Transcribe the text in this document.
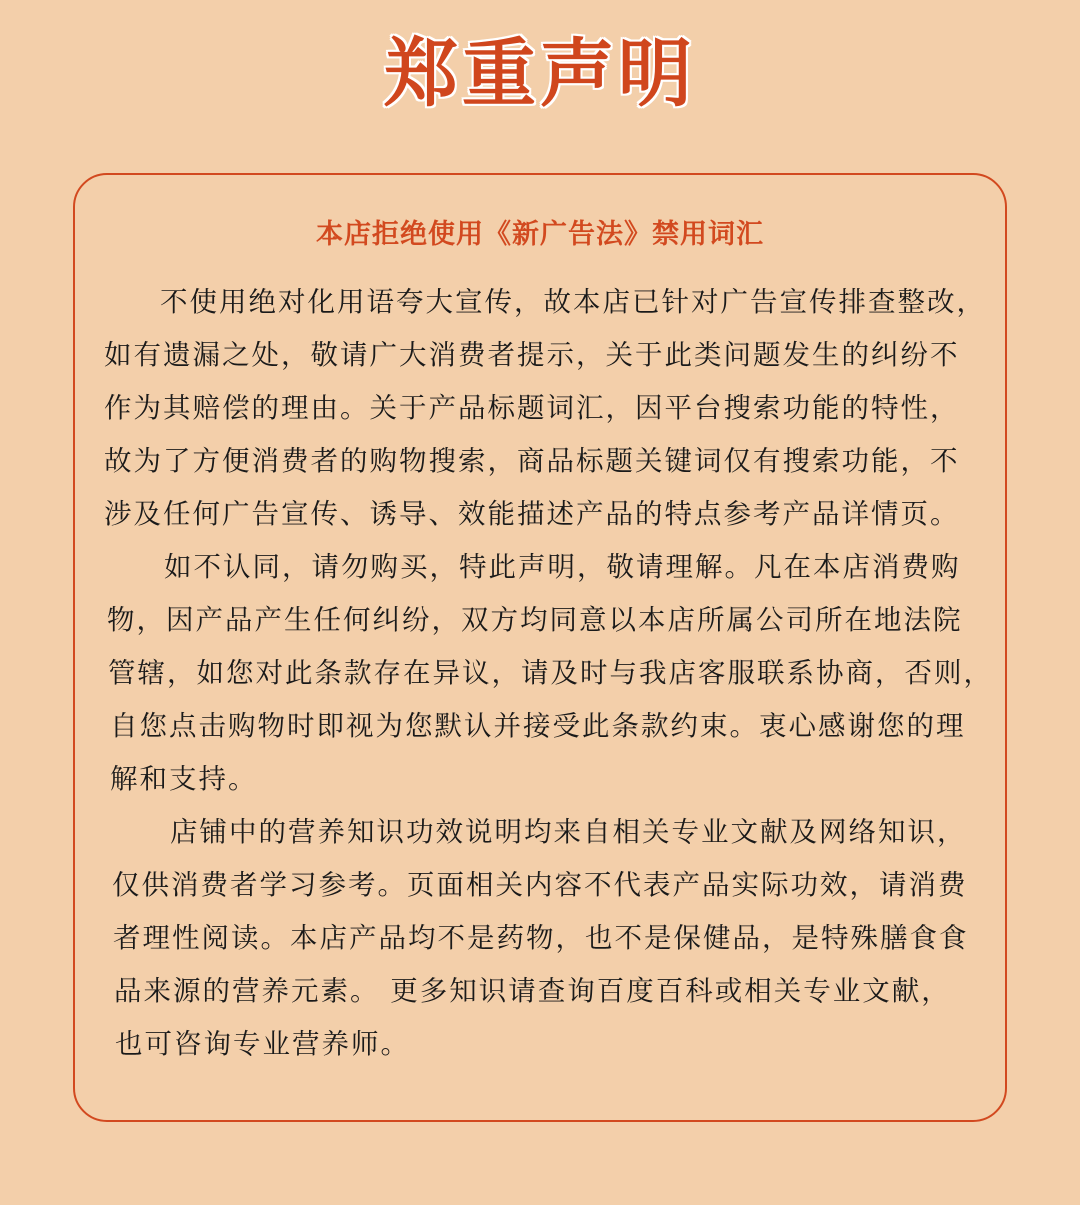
郑重声明
本店拒绝使用《新广告法》禁用词汇
不使用绝对化用语夸大宣传，故本店已针对广告宣传排查整改，
如有遗漏之处，敬请广大消费者提示，关于此类问题发生的纠纷不
作为其赔偿的理由。关于产品标题词汇，因平台搜索功能的特性，
故为了方便消费者的购物搜索，商品标题关键词仅有搜索功能，不
涉及任何广告宣传、诱导、效能描述产品的特点参考产品详情页。
如不认同，请勿购买，特此声明，敬请理解。凡在本店消费购
物，因产品产生任何纠纷，双方均同意以本店所属公司所在地法院
管辖，如您对此条款存在异议，请及时与我店客服联系协商，否则，
自您点击购物时即视为您默认并接受此条款约束。衷心感谢您的理
解和支持。
店铺中的营养知识功效说明均来自相关专业文献及网络知识，
仅供消费者学习参考。页面相关内容不代表产品实际功效，请消费
者理性阅读。本店产品均不是药物，也不是保健品，是特殊膳食食
品来源的营养元素。 更多知识请查询百度百科或相关专业文献，
也可咨询专业营养师。
